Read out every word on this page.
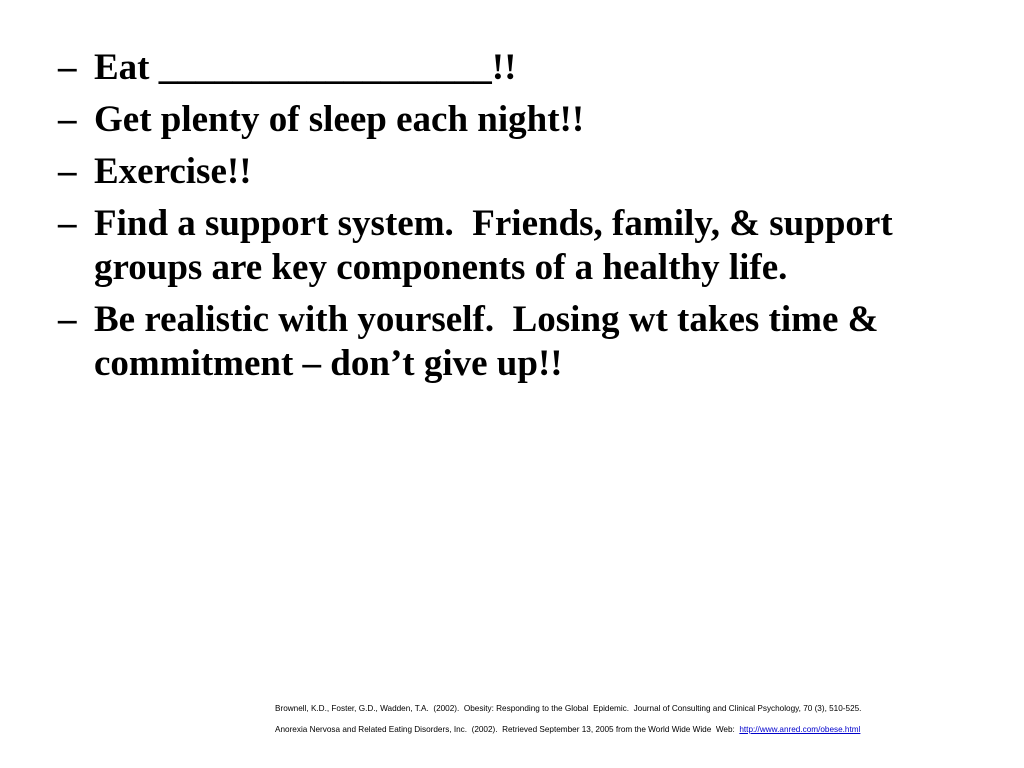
– Eat __________________!!
– Get plenty of sleep each night!!
– Exercise!!
– Find a support system.  Friends, family, & support groups are key components of a healthy life.
– Be realistic with yourself.  Losing wt takes time & commitment – don’t give up!!
Brownell, K.D., Foster, G.D., Wadden, T.A.  (2002).  Obesity: Responding to the Global  Epidemic.  Journal of Consulting and Clinical Psychology, 70 (3), 510-525.
Anorexia Nervosa and Related Eating Disorders, Inc.  (2002).  Retrieved September 13, 2005 from the World Wide Wide  Web:  http://www.anred.com/obese.html
